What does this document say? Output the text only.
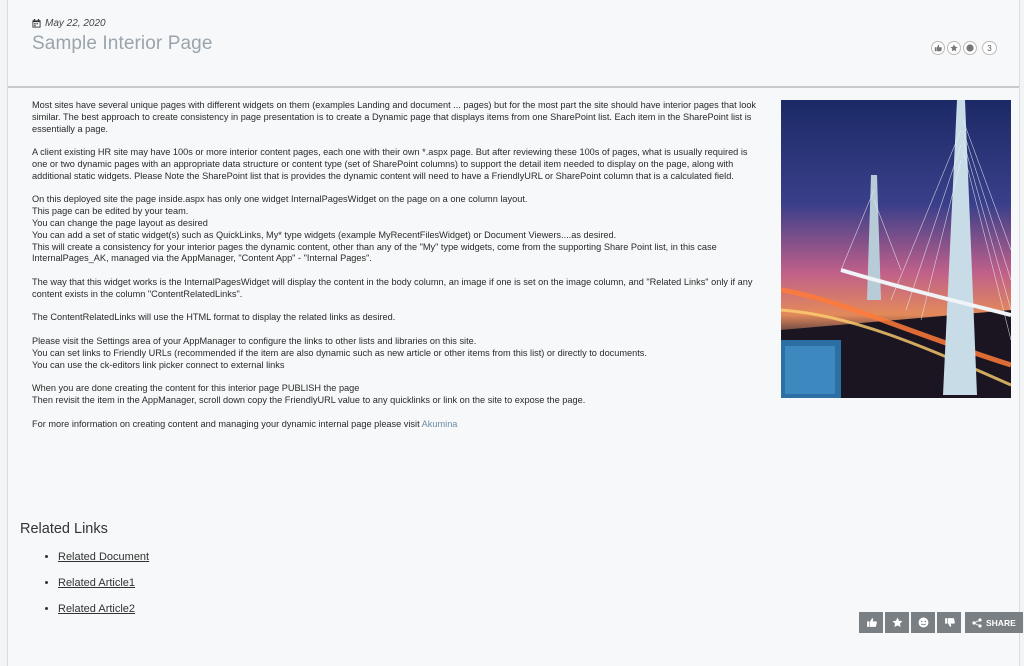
May 22, 2020
Sample Interior Page	3

Most sites have several unique pages with different widgets on them (examples Landing and document ... pages) but for the most part the site should have interior pages that look similar. The best approach to create consistency in page presentation is to create a Dynamic page that displays items from one SharePoint list. Each item in the SharePoint list is essentially a page.

A client existing HR site may have 100s or more interior content pages, each one with their own *.aspx page. But after reviewing these 100s of pages, what is usually required is one or two dynamic pages with an appropriate data structure or content type (set of SharePoint columns) to support the detail item needed to display on the page, along with additional static widgets. Please Note the SharePoint list that is provides the dynamic content will need to have a FriendlyURL or SharePoint column that is a calculated field.

On this deployed site the page inside.aspx has only one widget InternalPagesWidget on the page on a one column layout.
This page can be edited by your team.
You can change the page layout as desired
You can add a set of static widget(s) such as QuickLinks, My* type widgets (example MyRecentFilesWidget) or Document Viewers....as desired.

This will create a consistency for your interior pages the dynamic content, other than any of the "My" type widgets, come from the supporting Share Point list, in this case InternalPages_AK, managed via the AppManager, "Content App" - "Internal Pages".

The way that this widget works is the InternalPagesWidget will display the content in the body column, an image if one is set on the image column, and "Related Links" only if any content exists in the column "ContentRelatedLinks".

The ContentRelatedLinks will use the HTML format to display the related links as desired.

Please visit the Settings area of your AppManager to configure the links to other lists and libraries on this site.
You can set links to Friendly URLs (recommended if the item are also dynamic such as new article or other items from this list) or directly to documents.

You can use the ck-editors link picker connect to external links

When you are done creating the content for this interior page PUBLISH the page

Then revisit the item in the AppManager, scroll down copy the FriendlyURL value to any quicklinks or link on the site to expose the page.

For more information on creating content and managing your dynamic internal page please visit Akumina

Related Links
• Related Document
• Related Article1
• Related Article2
SHARE
